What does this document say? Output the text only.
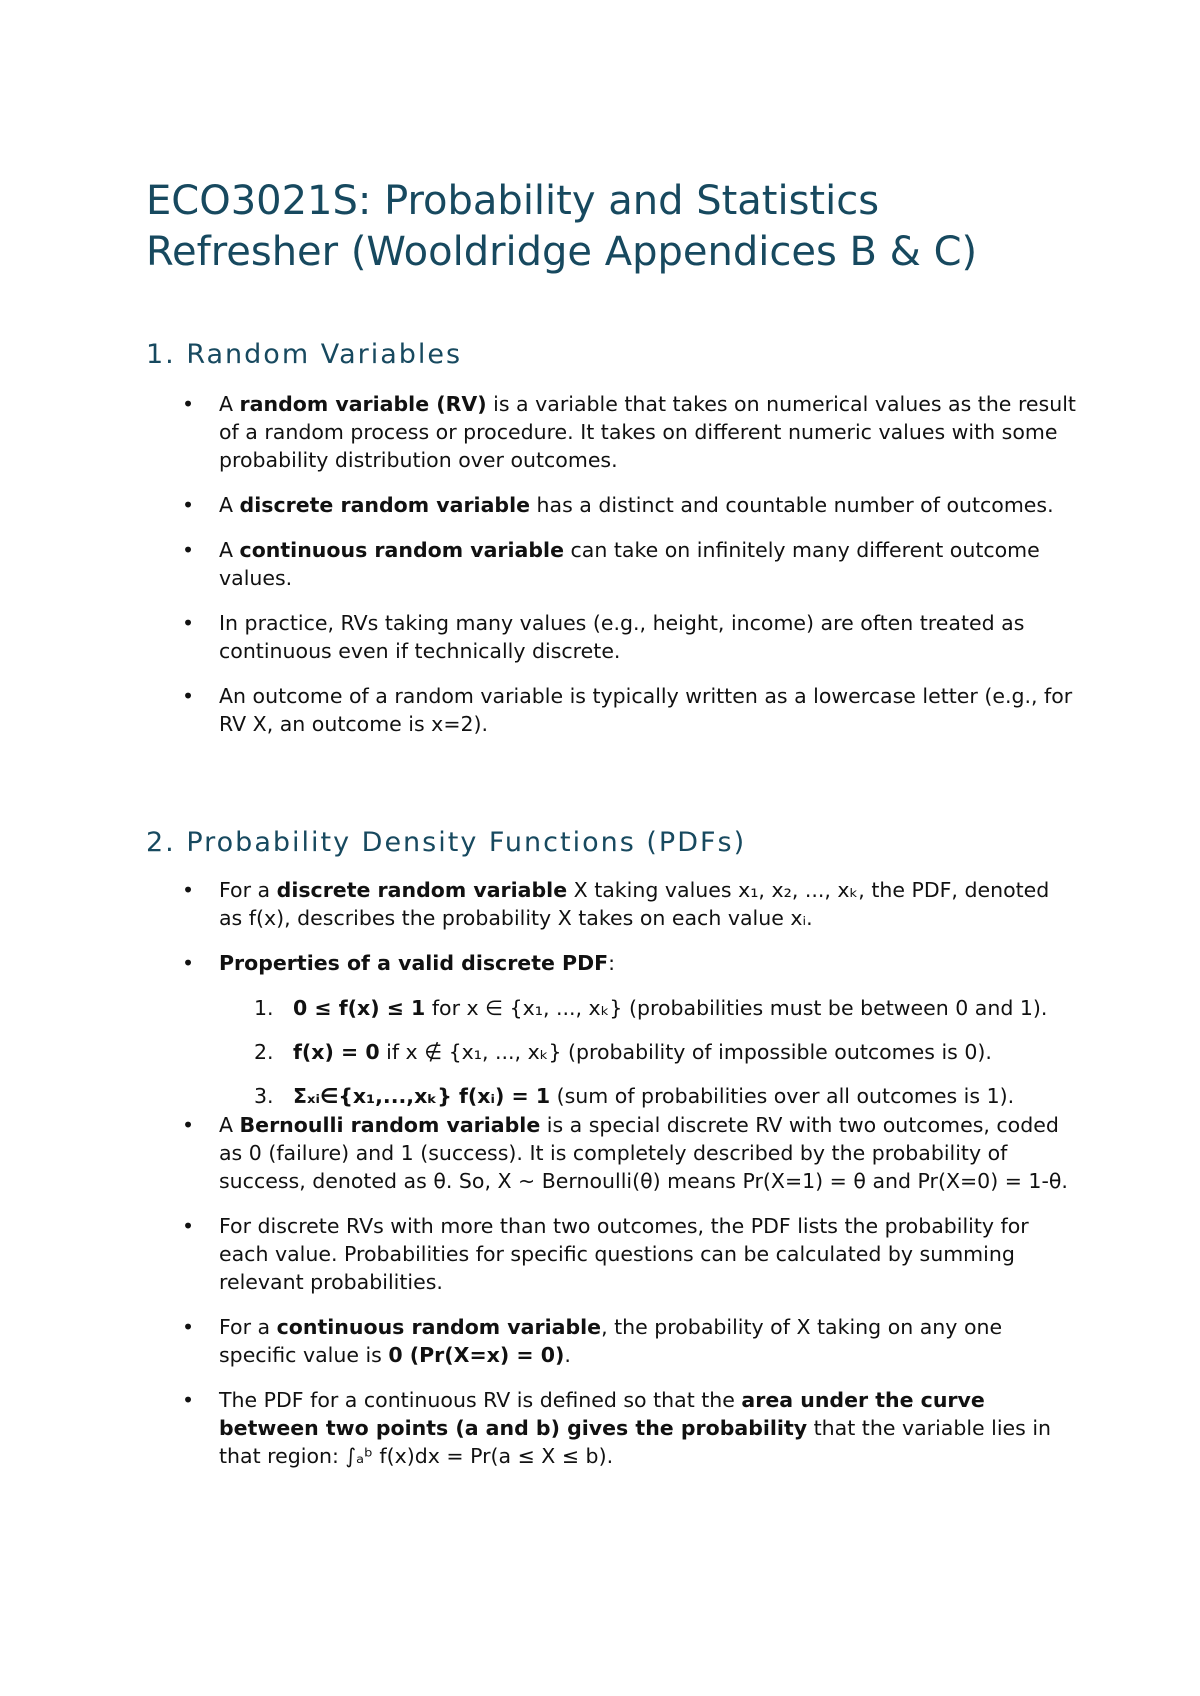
ECO3021S: Probability and Statistics
Refresher (Wooldridge Appendices B & C)
1. Random Variables
• A random variable (RV) is a variable that takes on numerical values as the result of a random process or procedure. It takes on different numeric values with some probability distribution over outcomes.
• A discrete random variable has a distinct and countable number of outcomes.
• A continuous random variable can take on infinitely many different outcome values.
• In practice, RVs taking many values (e.g., height, income) are often treated as continuous even if technically discrete.
• An outcome of a random variable is typically written as a lowercase letter (e.g., for RV X, an outcome is x=2).
2. Probability Density Functions (PDFs)
• For a discrete random variable X taking values x₁, x₂, ..., xₖ, the PDF, denoted as f(x), describes the probability X takes on each value xᵢ.
• Properties of a valid discrete PDF:
1. 0 ≤ f(x) ≤ 1 for x ∈ {x₁, ..., xₖ} (probabilities must be between 0 and 1).
2. f(x) = 0 if x ∉ {x₁, ..., xₖ} (probability of impossible outcomes is 0).
3. Σₓᵢ∈{x₁,...,xₖ} f(xᵢ) = 1 (sum of probabilities over all outcomes is 1).
• A Bernoulli random variable is a special discrete RV with two outcomes, coded as 0 (failure) and 1 (success). It is completely described by the probability of success, denoted as θ. So, X ~ Bernoulli(θ) means Pr(X=1) = θ and Pr(X=0) = 1-θ.
• For discrete RVs with more than two outcomes, the PDF lists the probability for each value. Probabilities for specific questions can be calculated by summing relevant probabilities.
• For a continuous random variable, the probability of X taking on any one specific value is 0 (Pr(X=x) = 0).
• The PDF for a continuous RV is defined so that the area under the curve between two points (a and b) gives the probability that the variable lies in that region: ∫ₐᵇ f(x)dx = Pr(a ≤ X ≤ b).
